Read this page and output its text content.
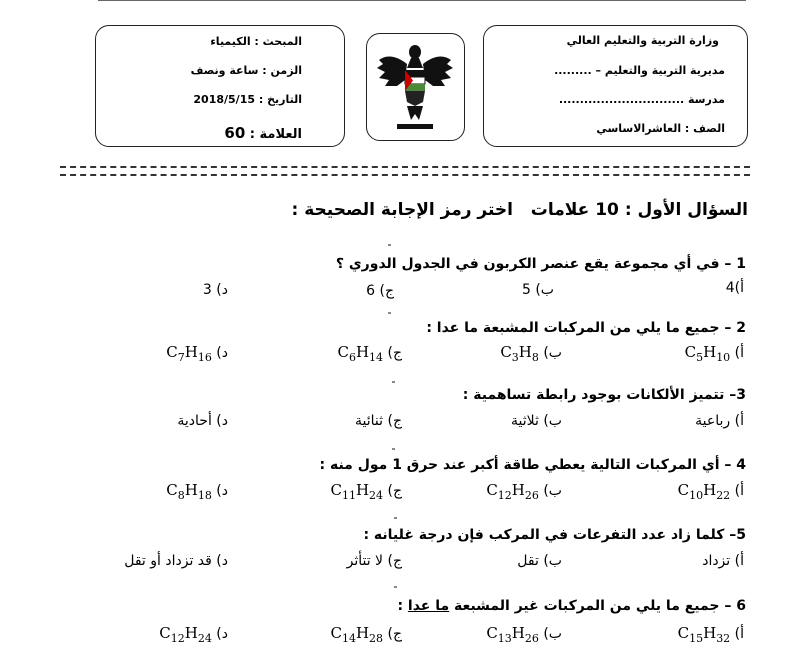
وزارة التربية والتعليم العالي
مديرية التربية والتعليم – .........
مدرسة ..............................
الصف : العاشرالاساسي
المبحث : الكيمياء
الزمن : ساعة ونصف
التاريخ : 2018/5/15
العلامة : 60
السؤال الأول : 10 علامات   اختر رمز الإجابة الصحيحة :
1 – في أي مجموعة يقع عنصر الكربون في الجدول الدوري ؟
أ)4
ب) 5
ج) 6
د) 3
2 – جميع ما يلي من المركبات المشبعة ما عدا :
أ) $C_5H_{10}$
ب) $C_3H_8$
ج) $C_6H_{14}$
د) $C_7H_{16}$
3– تتميز الألكانات بوجود رابطة تساهمية :
أ) رباعية
ب) ثلاثية
ج) ثنائية
د) أحادية
4 – أي المركبات التالية يعطي طاقة أكبر عند حرق 1 مول منه :
أ) $C_{10}H_{22}$
ب) $C_{12}H_{26}$
ج) $C_{11}H_{24}$
د) $C_8H_{18}$
5– كلما زاد عدد التفرعات في المركب فإن درجة غليانه :
أ) تزداد
ب) تقل
ج) لا تتأثر
د) قد تزداد أو تقل
6 – جميع ما يلي من المركبات غير المشبعة ما عدا :
أ) $C_{15}H_{32}$
ب) $C_{13}H_{26}$
ج) $C_{14}H_{28}$
د) $C_{12}H_{24}$
